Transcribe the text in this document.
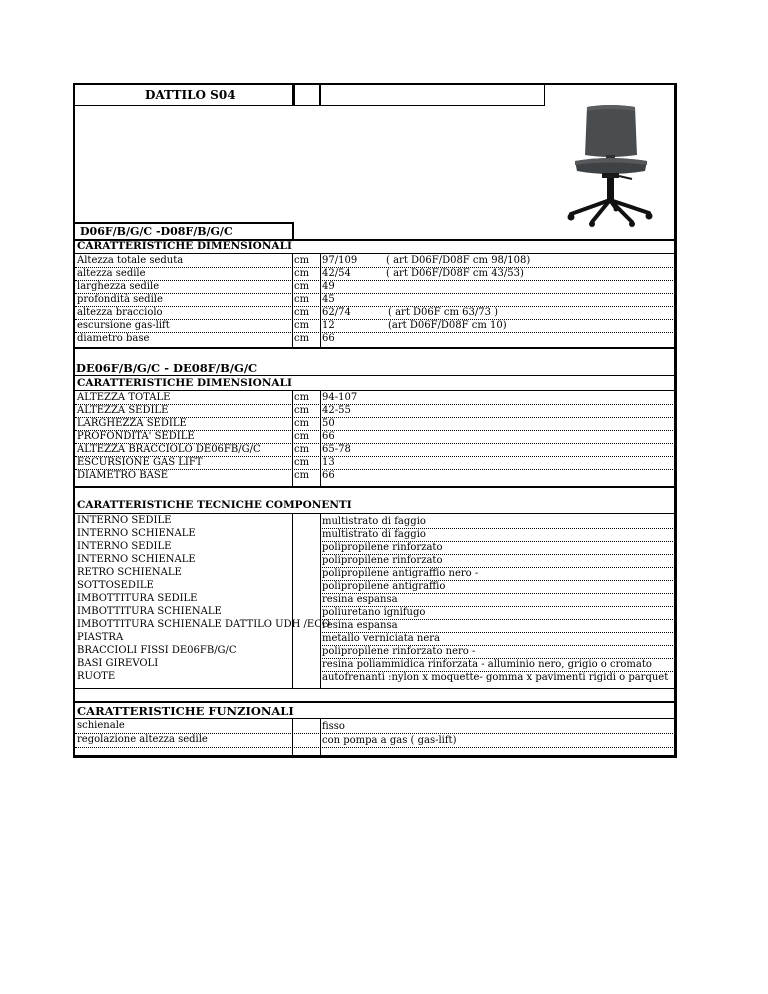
DATTILO S04
D06F/B/G/C -D08F/B/G/C
CARATTERISTICHE DIMENSIONALI
Altezza totale seduta	cm 97/109	( art D06F/D08F cm 98/108)
altezza sedile	cm 42/54	( art D06F/D08F cm 43/53)
larghezza sedile	cm 49
profondità sedile	cm 45
altezza bracciolo	cm 62/74	( art D06F cm 63/73 )
escursione gas-lift	cm 12	(art D06F/D08F cm 10)
diametro base	cm 66
DE06F/B/G/C - DE08F/B/G/C
CARATTERISTICHE DIMENSIONALI
ALTEZZA TOTALE	cm 94-107
ALTEZZA SEDILE	cm 42-55
LARGHEZZA SEDILE	cm 50
PROFONDITA' SEDILE	cm 66
ALTEZZA BRACCIOLO DE06FB/G/C	cm 65-78
ESCURSIONE GAS LIFT	cm 13
DIAMETRO BASE	cm 66
CARATTERISTICHE TECNICHE COMPONENTI
INTERNO SEDILE	multistrato di faggio
INTERNO SCHIENALE	multistrato di faggio
INTERNO SEDILE	polipropilene rinforzato
INTERNO SCHIENALE	polipropilene rinforzato
RETRO SCHIENALE	polipropilene antigraffio nero -
SOTTOSEDILE	polipropilene antigraffio
IMBOTTITURA SEDILE	resina espansa
IMBOTTITURA SCHIENALE	poliuretano ignifugo
IMBOTTITURA SCHIENALE DATTILO UDH /ECO
resina espansa
PIASTRA	metallo verniciata nera
BRACCIOLI FISSI DE06FB/G/C	polipropilene rinforzato nero -
BASI GIREVOLI	resina poliammidica rinforzata - alluminio nero, grigio o cromato
RUOTE	autofrenanti :nylon x moquette- gomma x pavimenti rigidi o parquet
CARATTERISTICHE FUNZIONALI
schienale	fisso
regolazione altezza sedile	con pompa a gas ( gas-lift)
